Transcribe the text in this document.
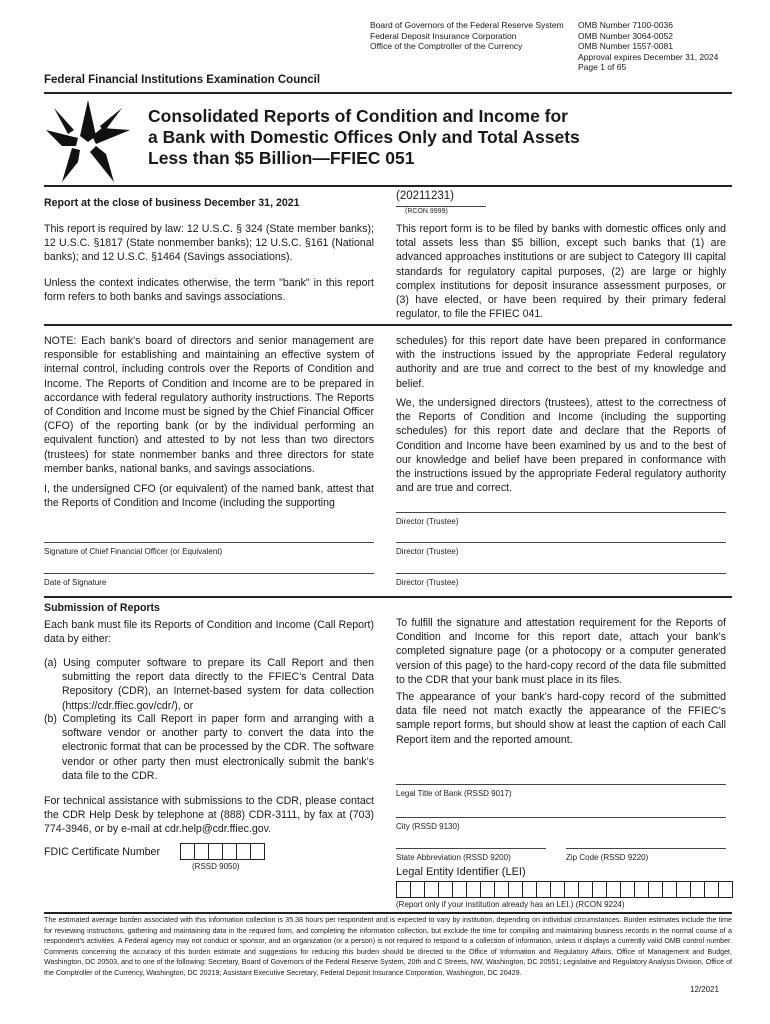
Board of Governors of the Federal Reserve System
Federal Deposit Insurance Corporation
Office of the Comptroller of the Currency
OMB Number 7100-0036
OMB Number 3064-0052
OMB Number 1557-0081
Approval expires December 31, 2024
Page 1 of 65
Federal Financial Institutions Examination Council
Consolidated Reports of Condition and Income for
a Bank with Domestic Offices Only and Total Assets
Less than $5 Billion—FFIEC 051
Report at the close of business December 31, 2021
(20211231)
(RCON 9999)
This report is required by law: 12 U.S.C. § 324 (State member banks); 12 U.S.C. §1817 (State nonmember banks); 12 U.S.C. §161 (National banks); and 12 U.S.C. §1464 (Savings associations).
Unless the context indicates otherwise, the term "bank" in this report form refers to both banks and savings associations.
This report form is to be filed by banks with domestic offices only and total assets less than $5 billion, except such banks that (1) are advanced approaches institutions or are subject to Category III capital standards for regulatory capital purposes, (2) are large or highly complex institutions for deposit insurance assessment purposes, or (3) have elected, or have been required by their primary federal regulator, to file the FFIEC 041.
NOTE: Each bank’s board of directors and senior management are responsible for establishing and maintaining an effective system of internal control, including controls over the Reports of Condition and Income. The Reports of Condition and Income are to be prepared in accordance with federal regulatory authority instructions. The Reports of Condition and Income must be signed by the Chief Financial Officer (CFO) of the reporting bank (or by the individual performing an equivalent function) and attested to by not less than two directors (trustees) for state nonmember banks and three directors for state member banks, national banks, and savings associations.
I, the undersigned CFO (or equivalent) of the named bank, attest that the Reports of Condition and Income (including the supporting
schedules) for this report date have been prepared in conformance with the instructions issued by the appropriate Federal regulatory authority and are true and correct to the best of my knowledge and belief.
We, the undersigned directors (trustees), attest to the correctness of the Reports of Condition and Income (including the supporting schedules) for this report date and declare that the Reports of Condition and Income have been examined by us and to the best of our knowledge and belief have been prepared in conformance with the instructions issued by the appropriate Federal regulatory authority and are true and correct.
Director (Trustee)
Signature of Chief Financial Officer (or Equivalent)	Director (Trustee)
Date of Signature	Director (Trustee)
Submission of Reports
Each bank must file its Reports of Condition and Income (Call Report) data by either:
(a) Using computer software to prepare its Call Report and then submitting the report data directly to the FFIEC’s Central Data Repository (CDR), an Internet-based system for data collection (https://cdr.ffiec.gov/cdr/), or
(b) Completing its Call Report in paper form and arranging with a software vendor or another party to convert the data into the electronic format that can be processed by the CDR. The software vendor or other party then must electronically submit the bank’s data file to the CDR.
For technical assistance with submissions to the CDR, please contact the CDR Help Desk by telephone at (888) CDR-3111, by fax at (703) 774-3946, or by e-mail at cdr.help@cdr.ffiec.gov.
FDIC Certificate Number
(RSSD 9050)
To fulfill the signature and attestation requirement for the Reports of Condition and Income for this report date, attach your bank’s completed signature page (or a photocopy or a computer generated version of this page) to the hard-copy record of the data file submitted to the CDR that your bank must place in its files.
The appearance of your bank’s hard-copy record of the submitted data file need not match exactly the appearance of the FFIEC’s sample report forms, but should show at least the caption of each Call Report item and the reported amount.
Legal Title of Bank (RSSD 9017)
City (RSSD 9130)
State Abbreviation (RSSD 9200)	Zip Code (RSSD 9220)
Legal Entity Identifier (LEI)
(Report only if your institution already has an LEI.) (RCON 9224)
The estimated average burden associated with this information collection is 35.38 hours per respondent and is expected to vary by institution, depending on individual circumstances. Burden estimates include the time for reviewing instructions, gathering and maintaining data in the required form, and completing the information collection, but exclude the time for compiling and maintaining business records in the normal course of a respondent’s activities. A Federal agency may not conduct or sponsor, and an organization (or a person) is not required to respond to a collection of information, unless it displays a currently valid OMB control number. Comments concerning the accuracy of this burden estimate and suggestions for reducing this burden should be directed to the Office of Information and Regulatory Affairs, Office of Management and Budget, Washington, DC 20503, and to one of the following: Secretary, Board of Governors of the Federal Reserve System, 20th and C Streets, NW, Washington, DC 20551; Legislative and Regulatory Analysis Division, Office of the Comptroller of the Currency, Washington, DC 20219; Assistant Executive Secretary, Federal Deposit Insurance Corporation, Washington, DC 20429.
12/2021
